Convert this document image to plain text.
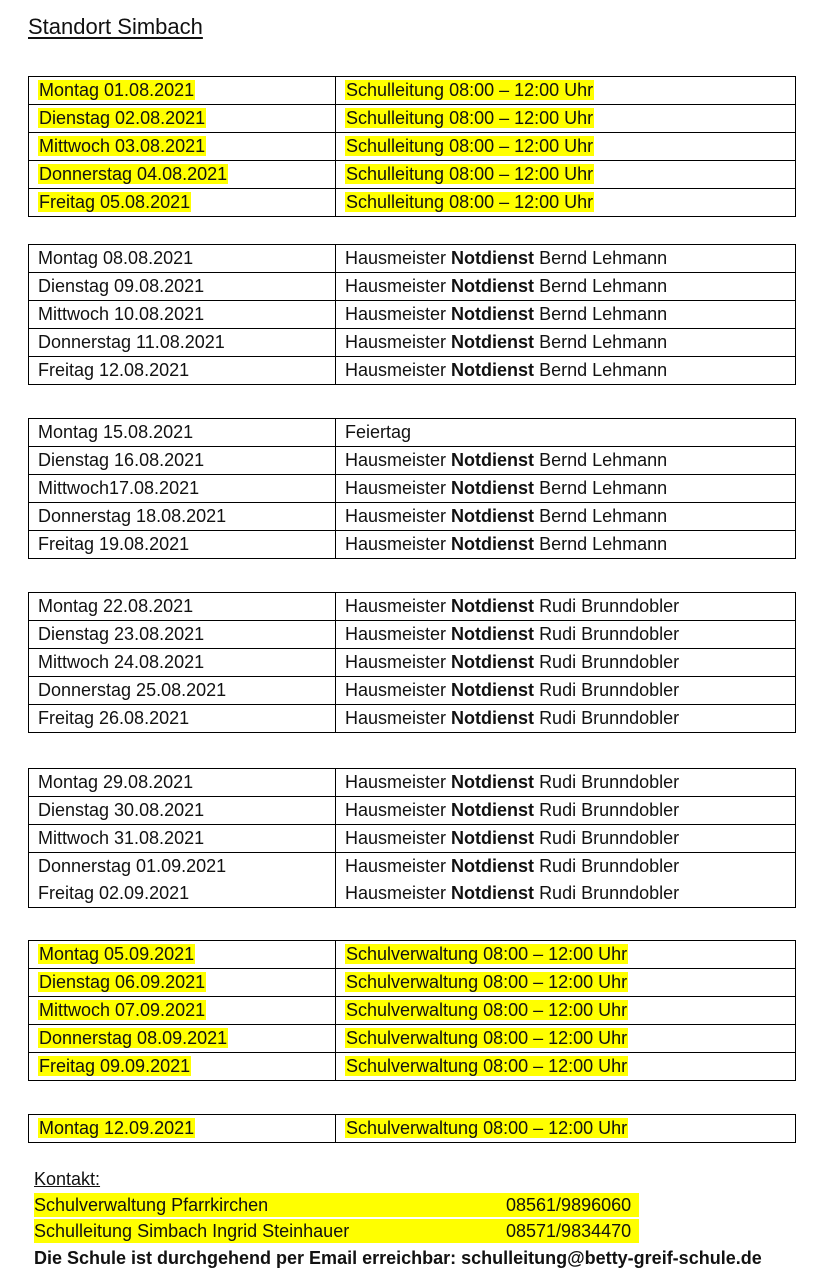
Standort Simbach
Montag 01.08.2021	Schulleitung 08:00 – 12:00 Uhr
Dienstag 02.08.2021	Schulleitung 08:00 – 12:00 Uhr
Mittwoch 03.08.2021	Schulleitung 08:00 – 12:00 Uhr
Donnerstag 04.08.2021	Schulleitung 08:00 – 12:00 Uhr
Freitag 05.08.2021	Schulleitung 08:00 – 12:00 Uhr
Montag 08.08.2021	Hausmeister Notdienst Bernd Lehmann
Dienstag 09.08.2021	Hausmeister Notdienst Bernd Lehmann
Mittwoch 10.08.2021	Hausmeister Notdienst Bernd Lehmann
Donnerstag 11.08.2021	Hausmeister Notdienst Bernd Lehmann
Freitag 12.08.2021	Hausmeister Notdienst Bernd Lehmann
Montag 15.08.2021	Feiertag
Dienstag 16.08.2021	Hausmeister Notdienst Bernd Lehmann
Mittwoch17.08.2021	Hausmeister Notdienst Bernd Lehmann
Donnerstag 18.08.2021	Hausmeister Notdienst Bernd Lehmann
Freitag 19.08.2021	Hausmeister Notdienst Bernd Lehmann
Montag 22.08.2021	Hausmeister Notdienst Rudi Brunndobler
Dienstag 23.08.2021	Hausmeister Notdienst Rudi Brunndobler
Mittwoch 24.08.2021	Hausmeister Notdienst Rudi Brunndobler
Donnerstag 25.08.2021	Hausmeister Notdienst Rudi Brunndobler
Freitag 26.08.2021	Hausmeister Notdienst Rudi Brunndobler
Montag 29.08.2021	Hausmeister Notdienst Rudi Brunndobler
Dienstag 30.08.2021	Hausmeister Notdienst Rudi Brunndobler
Mittwoch 31.08.2021	Hausmeister Notdienst Rudi Brunndobler
Donnerstag 01.09.2021	Hausmeister Notdienst Rudi Brunndobler
Freitag 02.09.2021	Hausmeister Notdienst Rudi Brunndobler
Montag 05.09.2021	Schulverwaltung 08:00 – 12:00 Uhr
Dienstag 06.09.2021	Schulverwaltung 08:00 – 12:00 Uhr
Mittwoch 07.09.2021	Schulverwaltung 08:00 – 12:00 Uhr
Donnerstag 08.09.2021	Schulverwaltung 08:00 – 12:00 Uhr
Freitag 09.09.2021	Schulverwaltung 08:00 – 12:00 Uhr
Montag 12.09.2021	Schulverwaltung 08:00 – 12:00 Uhr
Kontakt:
Schulverwaltung Pfarrkirchen	08561/9896060
Schulleitung Simbach Ingrid Steinhauer	08571/9834470
Die Schule ist durchgehend per Email erreichbar: schulleitung@betty-greif-schule.de
